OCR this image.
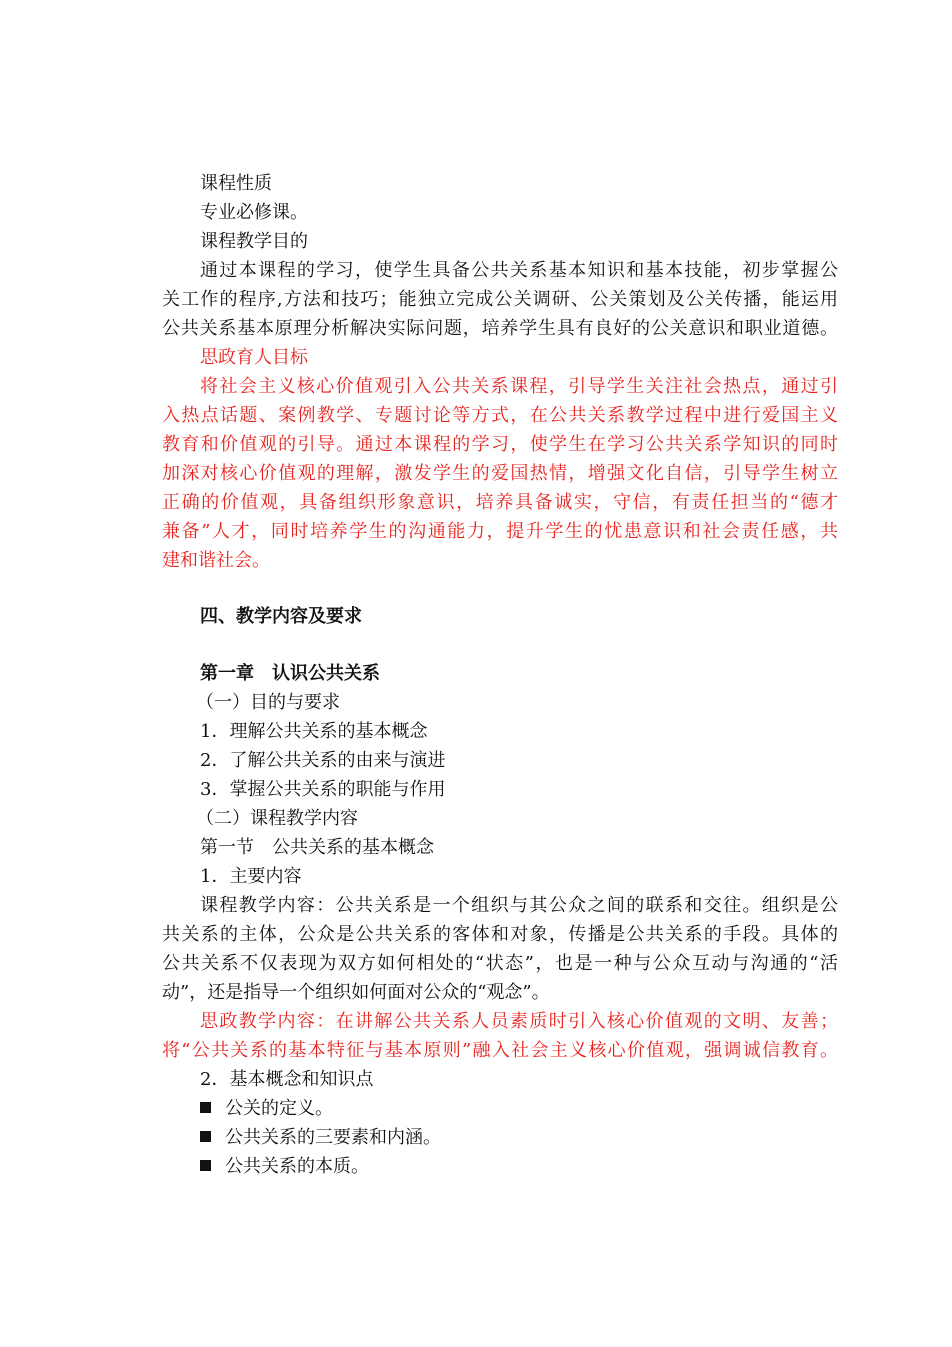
课程性质
专业必修课。
课程教学目的
通过本课程的学习，使学生具备公共关系基本知识和基本技能，初步掌握公
关工作的程序,方法和技巧；能独立完成公关调研、公关策划及公关传播，能运用
公共关系基本原理分析解决实际问题，培养学生具有良好的公关意识和职业道德。
思政育人目标
将社会主义核心价值观引入公共关系课程，引导学生关注社会热点，通过引
入热点话题、案例教学、专题讨论等方式，在公共关系教学过程中进行爱国主义
教育和价值观的引导。通过本课程的学习，使学生在学习公共关系学知识的同时
加深对核心价值观的理解，激发学生的爱国热情，增强文化自信，引导学生树立
正确的价值观，具备组织形象意识，培养具备诚实，守信，有责任担当的“德才
兼备”人才，同时培养学生的沟通能力，提升学生的忧患意识和社会责任感，共
建和谐社会。
四、教学内容及要求
第一章　认识公共关系
（一）目的与要求
1．理解公共关系的基本概念
2．了解公共关系的由来与演进
3．掌握公共关系的职能与作用
（二）课程教学内容
第一节　公共关系的基本概念
1．主要内容
课程教学内容：公共关系是一个组织与其公众之间的联系和交往。组织是公
共关系的主体，公众是公共关系的客体和对象，传播是公共关系的手段。具体的
公共关系不仅表现为双方如何相处的“状态”，也是一种与公众互动与沟通的“活
动”，还是指导一个组织如何面对公众的“观念”。
思政教学内容：在讲解公共关系人员素质时引入核心价值观的文明、友善；
将“公共关系的基本特征与基本原则”融入社会主义核心价值观，强调诚信教育。
2．基本概念和知识点
公关的定义。
公共关系的三要素和内涵。
公共关系的本质。
